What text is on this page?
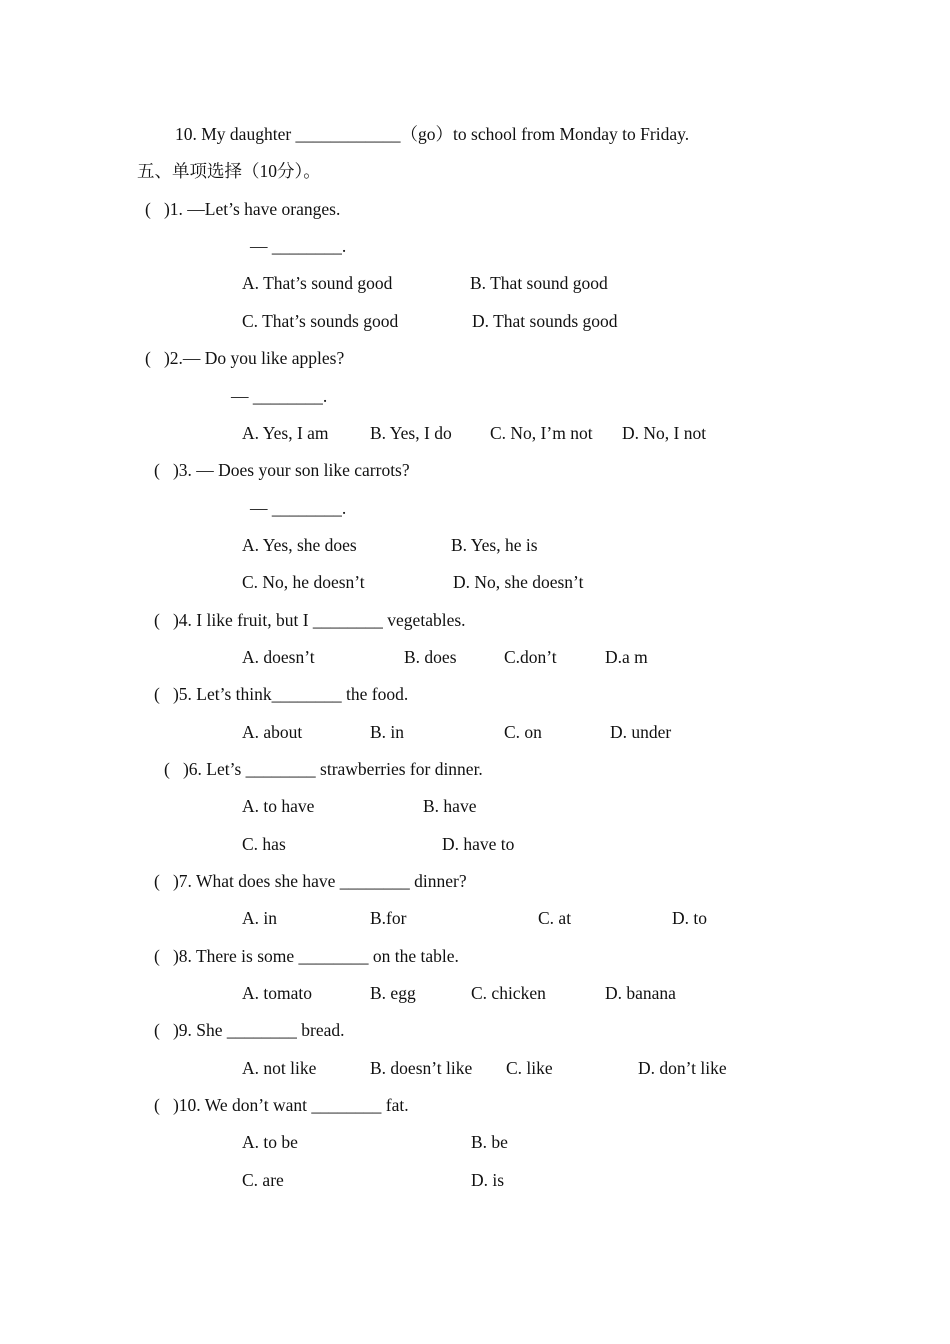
10. My daughter ____________（go）to school from Monday to Friday.
五、单项选择（10分）。
(   )1. —Let’s have oranges.
— ________.
A. That’s sound good	B. That sound good
C. That’s sounds good	D. That sounds good
(   )2.— Do you like apples?
— ________.
A. Yes, I am B. Yes, I do C. No, I’m not D. No, I not
(   )3. — Does your son like carrots?
— ________.
A. Yes, she does	B. Yes, he is
C. No, he doesn’t	D. No, she doesn’t
(   )4. I like fruit, but I ________ vegetables.
A. doesn’t	B. does	C.don’t	D.a m
(   )5. Let’s think________ the food.
A. about	B. in	C. on	D. under
(   )6. Let’s ________ strawberries for dinner.
A. to have	B. have
C. has	D. have to
(   )7. What does she have ________ dinner?
A. in	B.for	C. at	D. to
(   )8. There is some ________ on the table.
A. tomato	B. egg	C. chicken	D. banana
(   )9. She ________ bread.
A. not like	B. doesn’t like C. like	D. don’t like
(   )10. We don’t want ________ fat.
A. to be	B. be
C. are	D. is
